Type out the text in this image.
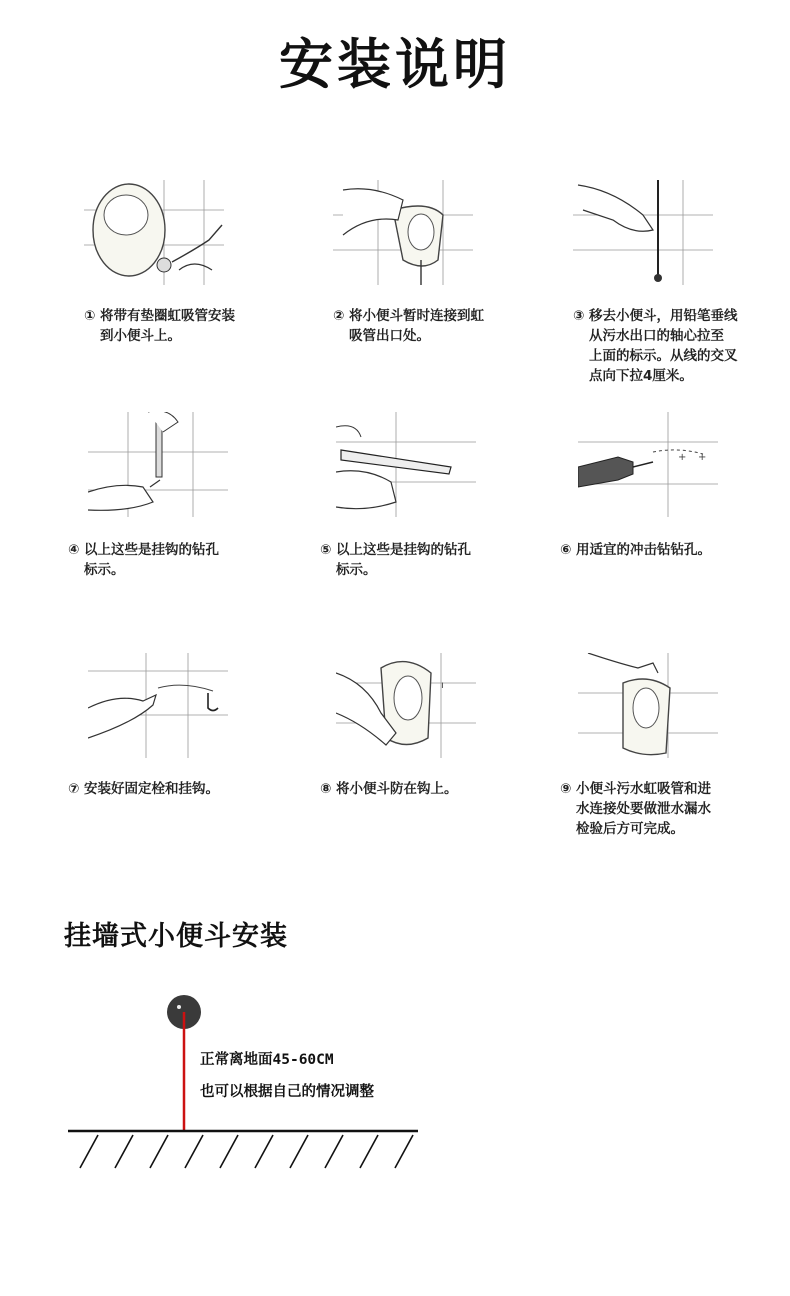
安装说明
① 将带有垫圈虹吸管安装
到小便斗上。
② 将小便斗暂时连接到虹
吸管出口处。
③ 移去小便斗，用铅笔垂线
从污水出口的轴心拉至
上面的标示。从线的交叉
点向下拉4厘米。
④ 以上这些是挂钩的钻孔
标示。
⑤ 以上这些是挂钩的钻孔
标示。
+ +
⑥ 用适宜的冲击钻钻孔。
⑦ 安装好固定栓和挂钩。
ı
⑧ 将小便斗防在钩上。	⑨ 小便斗污水虹吸管和进
水连接处要做泄水漏水
检验后方可完成。
挂墙式小便斗安装
正常离地面45-60CM
也可以根据自己的情况调整
